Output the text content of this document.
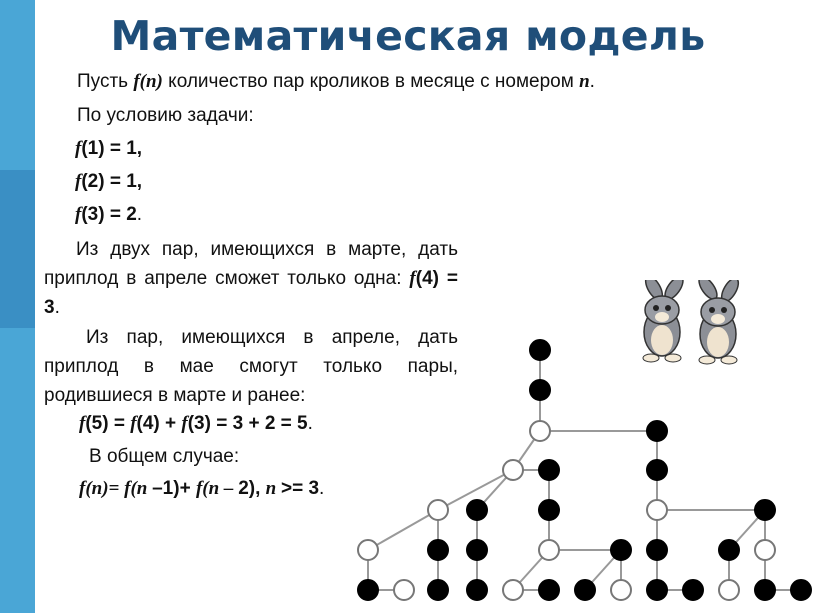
Математическая модель
Пусть f(n) количество пар кроликов в месяце с номером n.
По условию задачи:
f(1) = 1,
f(2) = 1,
f(3) = 2.
Из двух пар, имеющихся в марте, дать приплод в апреле сможет только одна: f(4) = 3.
Из пар, имеющихся в апреле, дать приплод в мае смогут только пары, родившиеся в марте и ранее:
f(5) = f(4) + f(3) = 3 + 2 = 5.
В общем случае:
f(n)= f(n –1)+ f(n – 2), n >= 3.
